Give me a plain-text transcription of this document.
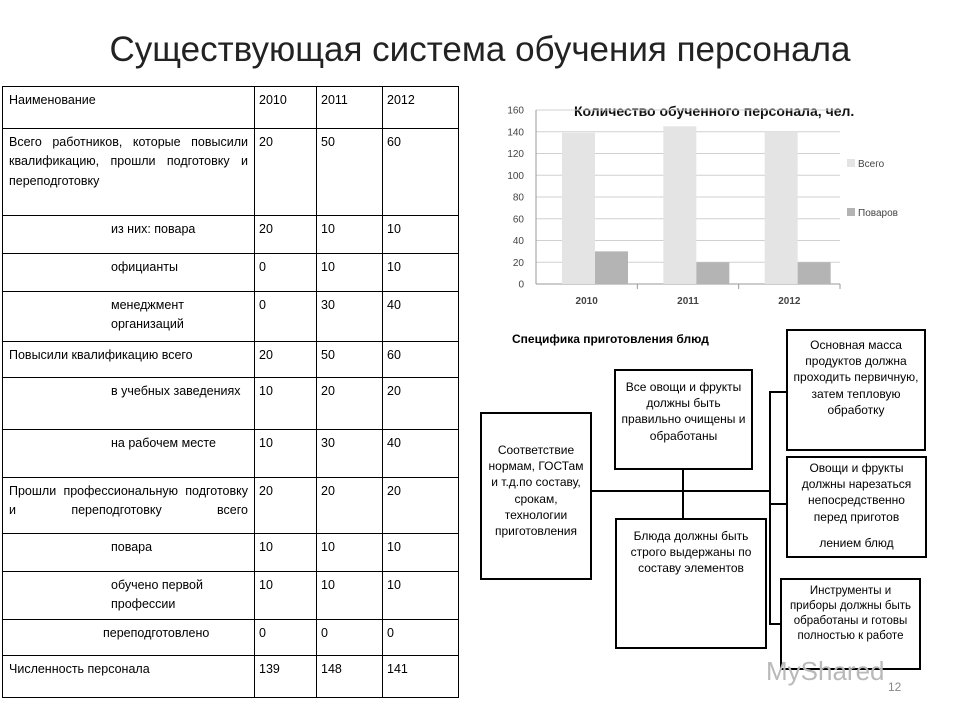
Существующая система обучения персонала
Наименование	2010	2011	2012
Всего работников, которые повысили квалификацию, прошли подготовку и переподготовку	20	50	60
из них: повара	20	10	10
официанты	0	10	10
менеджмент организаций	0	30	40
Повысили квалификацию всего	20	50	60
в учебных заведениях	10	20	20
на рабочем месте	10	30	40
Прошли профессиональную подготовку и переподготовку всего	20	20	20
повара	10	10	10
обучено первой профессии	10	10	10
переподготовлено	0	0	0
Численность персонала	139	148	141
Количество обученного персонала, чел.
0
20
40
60
80
100
120
140
160
2010	2011	2012
Всего
Поваров
Специфика приготовления блюд
Соответствие нормам, ГОСТам и т.д.по составу, срокам, технологии приготовления
Все овощи и фрукты должны быть правильно очищены и обработаны
Блюда должны быть строго выдержаны по составу элементов
Основная масса продуктов должна проходить первичную, затем тепловую обработку
Овощи и фрукты должны нарезаться непосредственно перед приготов
лением блюд
Инструменты и приборы должны быть обработаны и готовы полностью к работе
MyShared
12
